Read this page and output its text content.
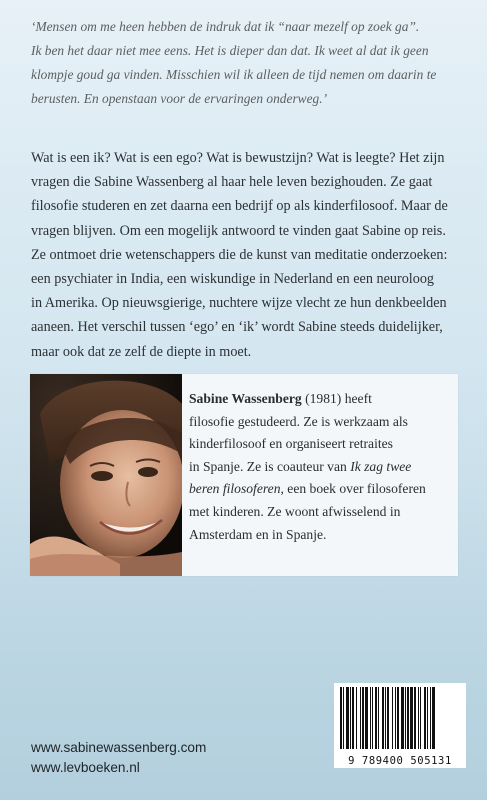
‘Mensen om me heen hebben de indruk dat ik “naar mezelf op zoek ga”.
Ik ben het daar niet mee eens. Het is dieper dan dat. Ik weet al dat ik geen
klompje goud ga vinden. Misschien wil ik alleen de tijd nemen om daarin te
berusten. En openstaan voor de ervaringen onderweg.’
Wat is een ik? Wat is een ego? Wat is bewustzijn? Wat is leegte? Het zijn
vragen die Sabine Wassenberg al haar hele leven bezighouden. Ze gaat
filosofie studeren en zet daarna een bedrijf op als kinderfilosoof. Maar de
vragen blijven. Om een mogelijk antwoord te vinden gaat Sabine op reis.
Ze ontmoet drie wetenschappers die de kunst van meditatie onderzoeken:
een psychiater in India, een wiskundige in Nederland en een neuroloog
in Amerika. Op nieuwsgierige, nuchtere wijze vlecht ze hun denkbeelden
aaneen. Het verschil tussen ‘ego’ en ‘ik’ wordt Sabine steeds duidelijker,
maar ook dat ze zelf de diepte in moet.
Sabine Wassenberg (1981) heeft
filosofie gestudeerd. Ze is werkzaam als
kinderfilosoof en organiseert retraites
in Spanje. Ze is coauteur van Ik zag twee
beren filosoferen, een boek over filosoferen
met kinderen. Ze woont afwisselend in
Amsterdam en in Spanje.
www.sabinewassenberg.com
www.levboeken.nl	9 789400 505131
